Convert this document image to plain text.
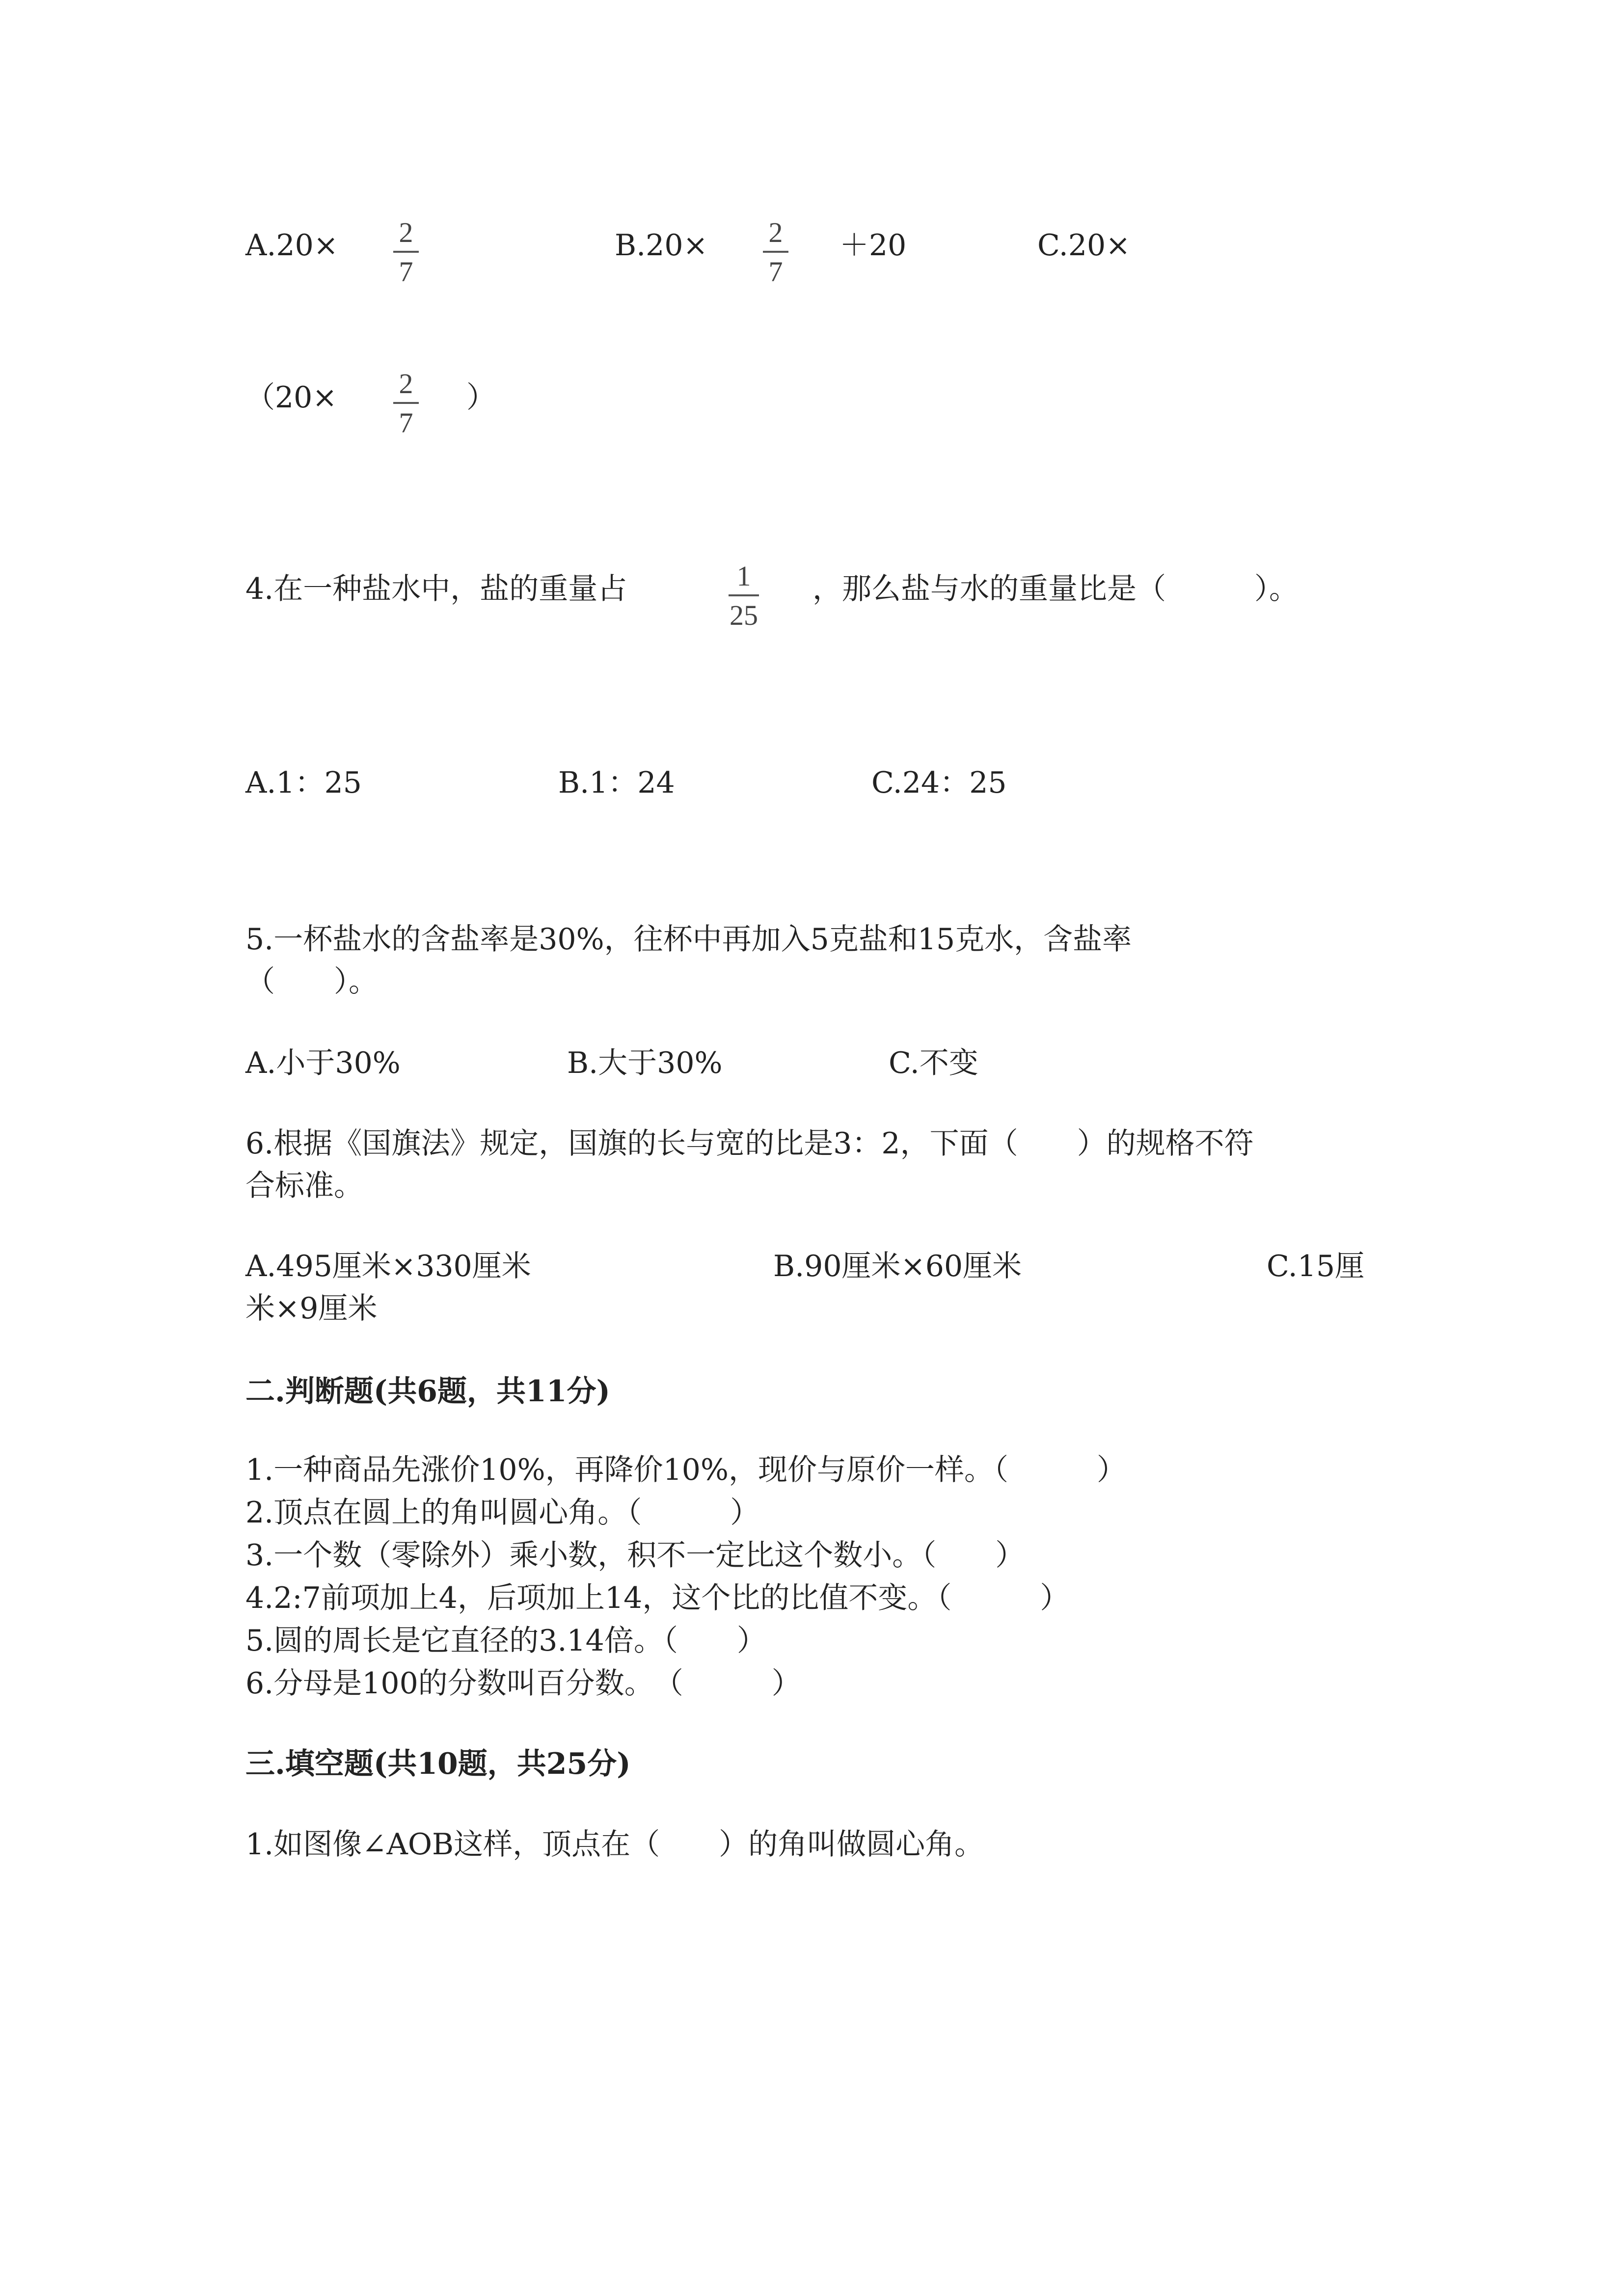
A.20× 2
7
B.20× 2
7
＋20	C.20×
（20× 2
7
）
4.在一种盐水中，盐的重量占	1
25
，那么盐与水的重量比是（　　　）。
A.1：25	B.1：24	C.24：25
5.一杯盐水的含盐率是30%，往杯中再加入5克盐和15克水，含盐率
（　　）。
A.小于30%	B.大于30%	C.不变
6.根据《国旗法》规定，国旗的长与宽的比是3：2，下面（　　）的规格不符
合标准。
A.495厘米×330厘米	B.90厘米×60厘米	C.15厘
米×9厘米
二.判断题(共6题，共11分)
1.一种商品先涨价10%，再降价10%，现价与原价一样。（　　　）
2.顶点在圆上的角叫圆心角。（　　　）
3.一个数（零除外）乘小数，积不一定比这个数小。（　　）
4.2:7前项加上4，后项加上14，这个比的比值不变。（　　　）
5.圆的周长是它直径的3.14倍。（　　）
6.分母是100的分数叫百分数。　（　　　）
三.填空题(共10题，共25分)
1.如图像∠AOB这样，顶点在（　　）的角叫做圆心角。
